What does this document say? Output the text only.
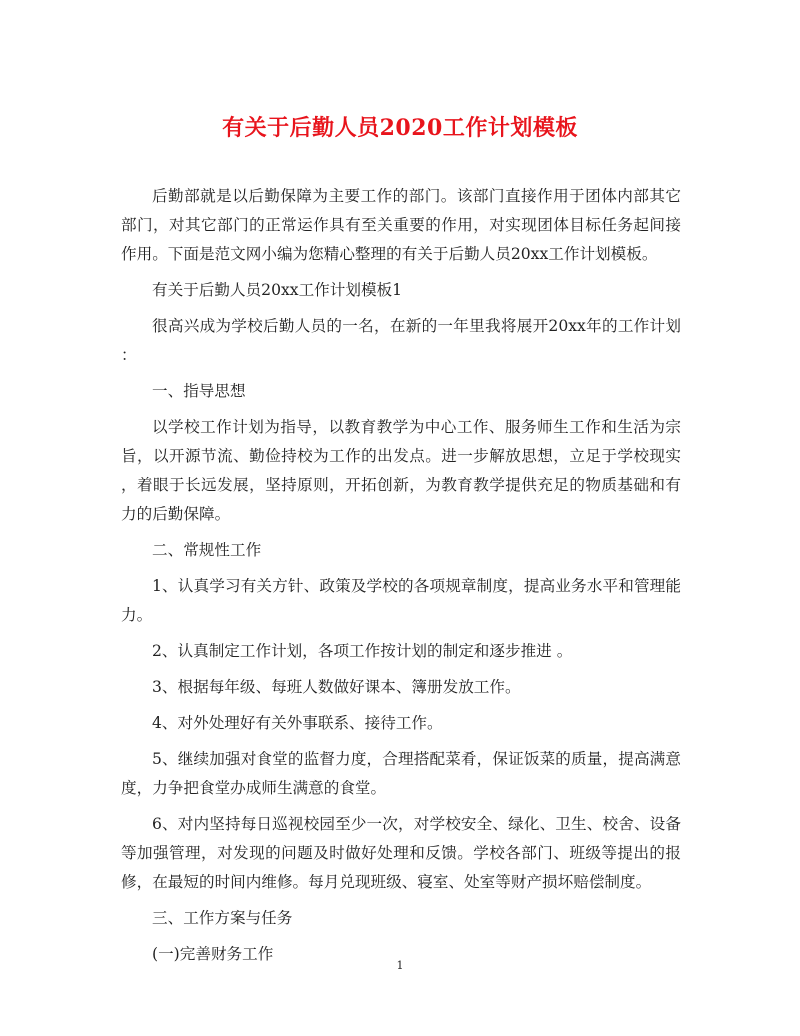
有关于后勤人员2020工作计划模板
后勤部就是以后勤保障为主要工作的部门。该部门直接作用于团体内部其它
部门，对其它部门的正常运作具有至关重要的作用，对实现团体目标任务起间接
作用。下面是范文网小编为您精心整理的有关于后勤人员20xx工作计划模板。
有关于后勤人员20xx工作计划模板1
很高兴成为学校后勤人员的一名，在新的一年里我将展开20xx年的工作计划
：
一、指导思想
以学校工作计划为指导，以教育教学为中心工作、服务师生工作和生活为宗
旨，以开源节流、勤俭持校为工作的出发点。进一步解放思想，立足于学校现实
，着眼于长远发展，坚持原则，开拓创新，为教育教学提供充足的物质基础和有
力的后勤保障。
二、常规性工作
1、认真学习有关方针、政策及学校的各项规章制度，提高业务水平和管理能
力。
2、认真制定工作计划，各项工作按计划的制定和逐步推进 。
3、根据每年级、每班人数做好课本、簿册发放工作。
4、对外处理好有关外事联系、接待工作。
5、继续加强对食堂的监督力度，合理搭配菜肴，保证饭菜的质量，提高满意
度，力争把食堂办成师生满意的食堂。
6、对内坚持每日巡视校园至少一次，对学校安全、绿化、卫生、校舍、设备
等加强管理，对发现的问题及时做好处理和反馈。学校各部门、班级等提出的报
修，在最短的时间内维修。每月兑现班级、寝室、处室等财产损坏赔偿制度。
三、工作方案与任务
(一)完善财务工作
1
